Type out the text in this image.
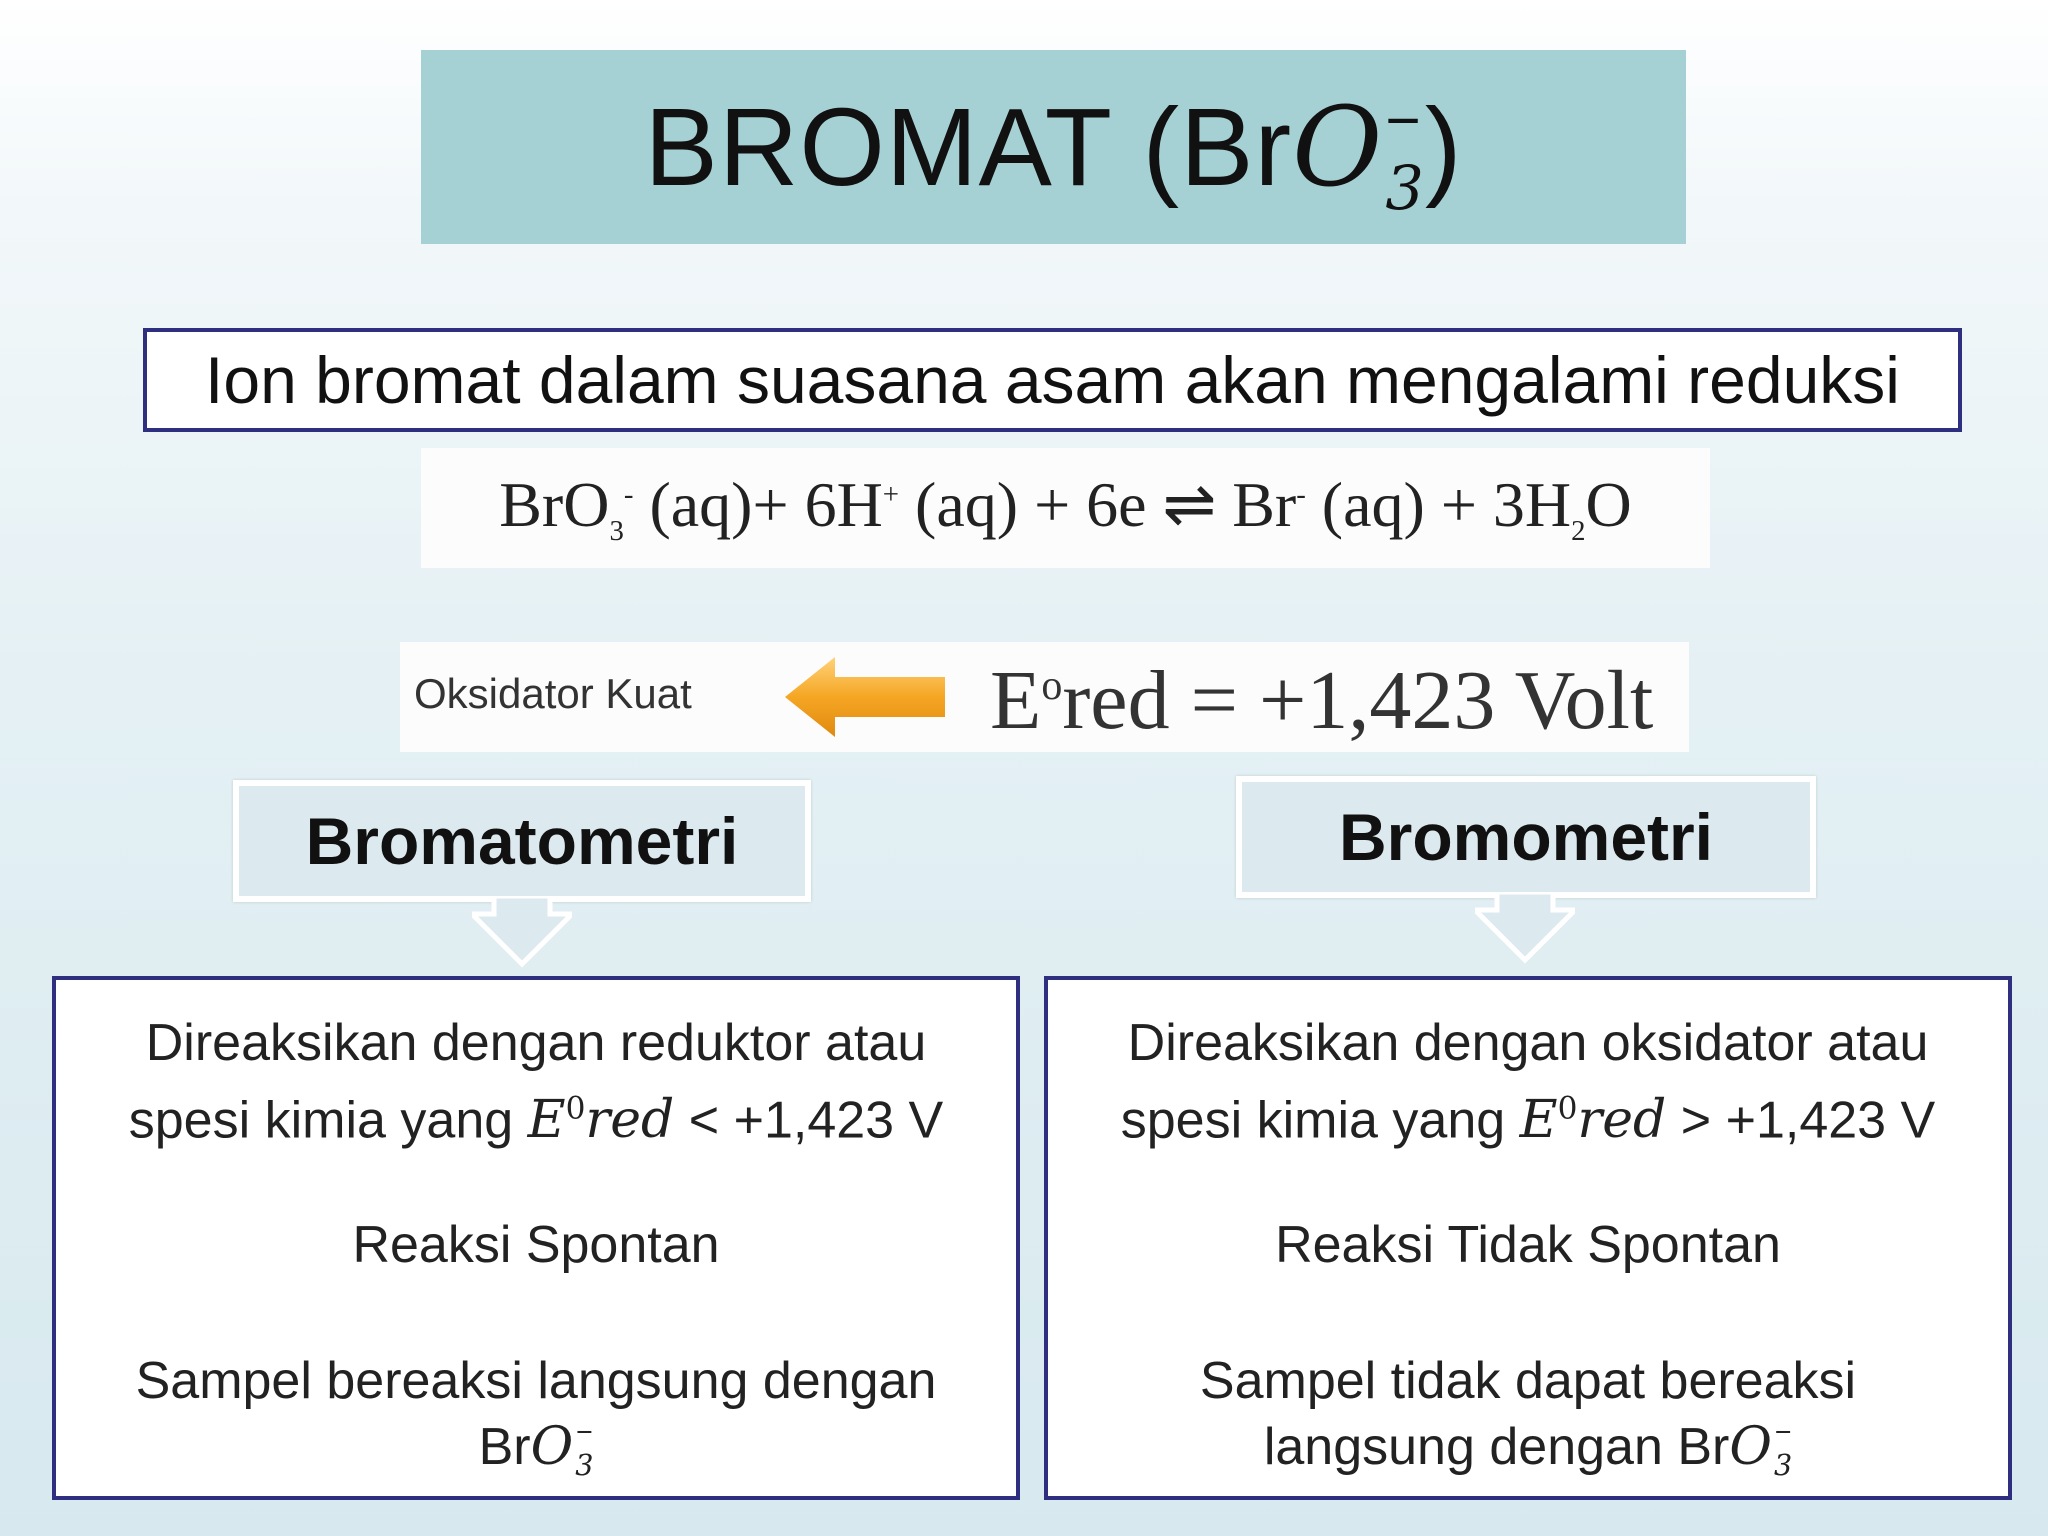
BROMAT (BrO −
3 )
Ion bromat dalam suasana asam akan mengalami reduksi
BrO$_3$- (aq)+ 6H+ (aq) + 6e ⇌ Br- $(aq) + 3H_2O$
Oksidator Kuat	$E^ored = +1,423$ Volt
Bromatometri
Direaksikan dengan reduktor atau
spesi kimia yang $E^0red < +1,423$ V
Reaksi Spontan
Sampel bereaksi langsung dengan
BrO −
3
Bromometri
Direaksikan dengan oksidator atau
spesi kimia yang $E^0red > +1,423$ V
Reaksi Tidak Spontan
Sampel tidak dapat bereaksi
langsung dengan BrO −
3
